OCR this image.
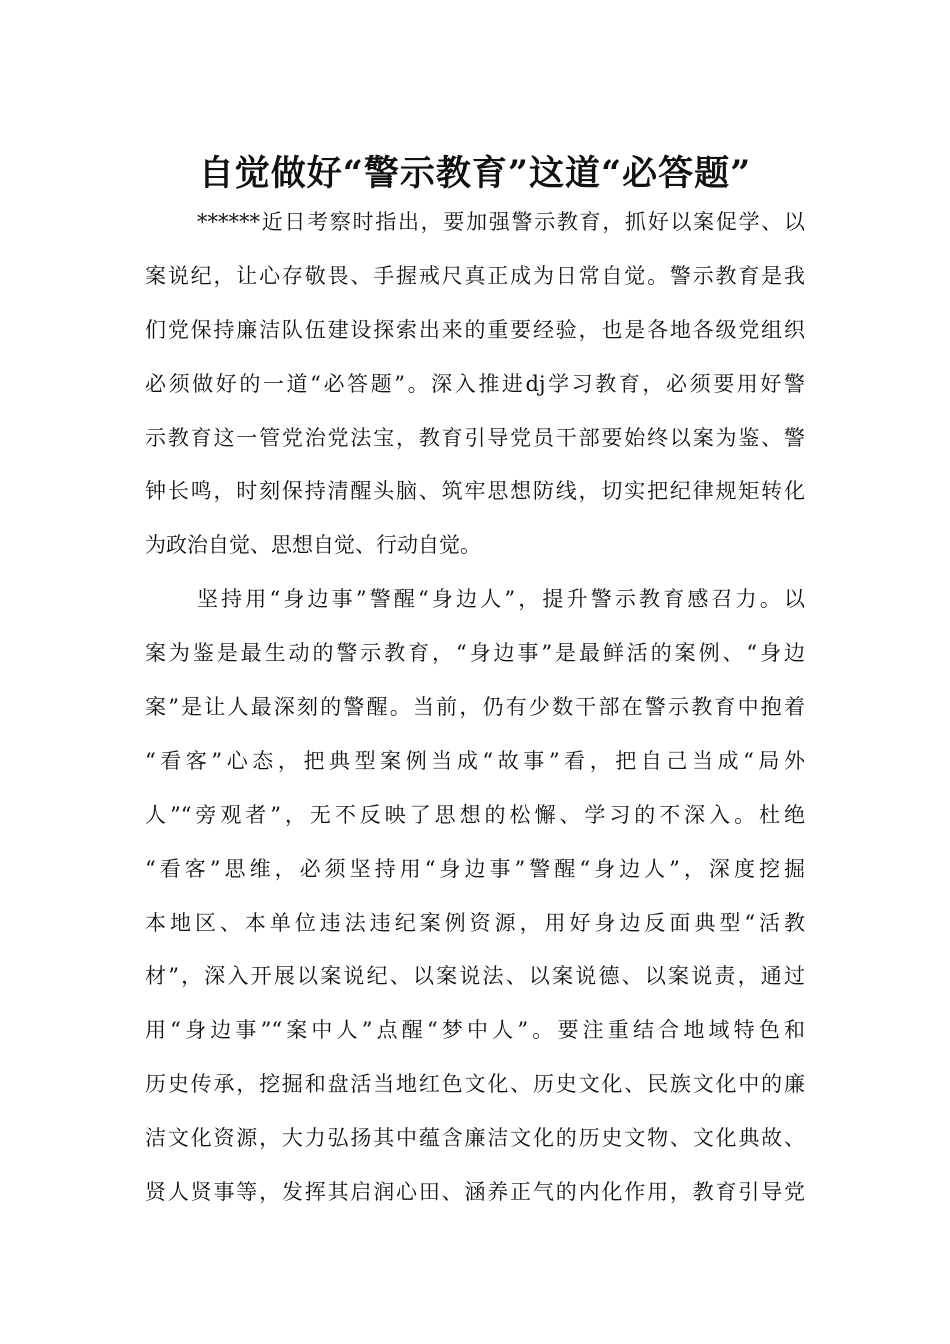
自觉做好“警示教育”这道“必答题”
******近日考察时指出，要加强警示教育，抓好以案促学、以
案说纪，让心存敬畏、手握戒尺真正成为日常自觉。警示教育是我
们党保持廉洁队伍建设探索出来的重要经验，也是各地各级党组织
必须做好的一道“必答题”。深入推进dj学习教育，必须要用好警
示教育这一管党治党法宝，教育引导党员干部要始终以案为鉴、警
钟长鸣，时刻保持清醒头脑、筑牢思想防线，切实把纪律规矩转化
为政治自觉、思想自觉、行动自觉。
坚持用“身边事”警醒“身边人”，提升警示教育感召力。以
案为鉴是最生动的警示教育，“身边事”是最鲜活的案例、“身边
案”是让人最深刻的警醒。当前，仍有少数干部在警示教育中抱着
“看客”心态，把典型案例当成“故事”看，把自己当成“局外
人”“旁观者”，无不反映了思想的松懈、学习的不深入。杜绝
“看客”思维，必须坚持用“身边事”警醒“身边人”，深度挖掘
本地区、本单位违法违纪案例资源，用好身边反面典型“活教
材”，深入开展以案说纪、以案说法、以案说德、以案说责，通过
用“身边事”“案中人”点醒“梦中人”。要注重结合地域特色和
历史传承，挖掘和盘活当地红色文化、历史文化、民族文化中的廉
洁文化资源，大力弘扬其中蕴含廉洁文化的历史文物、文化典故、
贤人贤事等，发挥其启润心田、涵养正气的内化作用，教育引导党
